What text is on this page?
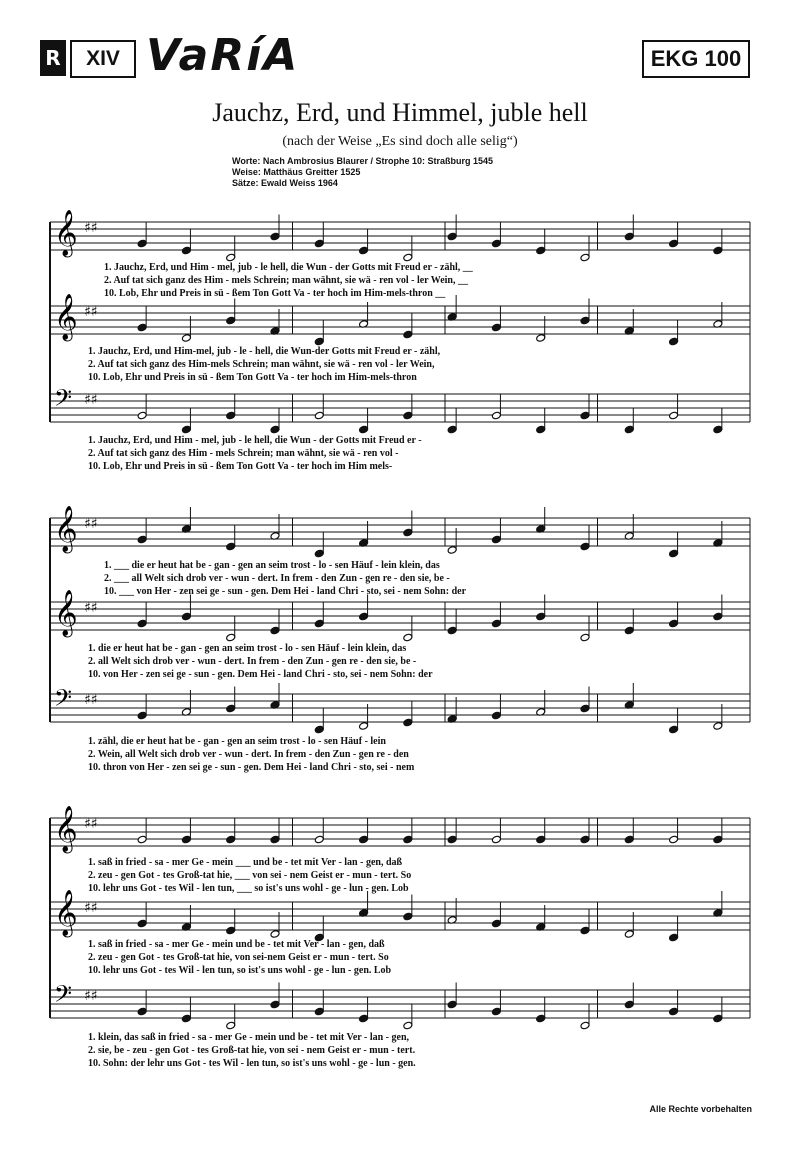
R	XIV VaRíA	EKG 100
Jauchz, Erd, und Himmel, juble hell
(nach der Weise „Es sind doch alle selig“)
Worte: Nach Ambrosius Blaurer / Strophe 10: Straßburg 1545
Weise: Matthäus Greitter 1525
Sätze: Ewald Weiss 1964
𝄞 ♯♯
𝄞 ♯♯
𝄢 ♯♯
𝄞 ♯♯
𝄞 ♯♯
𝄢 ♯♯
𝄞 ♯♯
𝄞 ♯♯
𝄢 ♯♯
1. Jauchz, Erd, und Him - mel, jub - le hell, die Wun - der Gotts mit Freud er - zähl, __
2. Auf tat sich ganz des Him - mels Schrein; man wähnt, sie wä - ren vol - ler Wein, __
10. Lob, Ehr und Preis in sü - ßem Ton Gott Va - ter hoch im Him-mels-thron __
1. Jauchz, Erd, und Him-mel, jub - le - hell, die Wun-der Gotts mit Freud er - zähl,
2. Auf tat sich ganz des Him-mels Schrein; man wähnt, sie wä - ren vol - ler Wein,
10. Lob, Ehr und Preis in sü - ßem Ton Gott Va - ter hoch im Him-mels-thron
1. Jauchz, Erd, und Him - mel, jub - le hell, die Wun - der Gotts mit Freud er -
2. Auf tat sich ganz des Him - mels Schrein; man wähnt, sie wä - ren vol -
10. Lob, Ehr und Preis in sü - ßem Ton Gott Va - ter hoch im Him mels-
1. ___ die er heut hat be - gan - gen an seim trost - lo - sen Häuf - lein klein, das
2. ___ all Welt sich drob ver - wun - dert. In frem - den Zun - gen re - den sie, be -
10. ___ von Her - zen sei ge - sun - gen. Dem Hei - land Chri - sto, sei - nem Sohn: der
1. die er heut hat be - gan - gen an seim trost - lo - sen Häuf - lein klein, das
2. all Welt sich drob ver - wun - dert. In frem - den Zun - gen re - den sie, be -
10. von Her - zen sei ge - sun - gen. Dem Hei - land Chri - sto, sei - nem Sohn: der
1. zähl, die er heut hat be - gan - gen an seim trost - lo - sen Häuf - lein
2. Wein, all Welt sich drob ver - wun - dert. In frem - den Zun - gen re - den
10. thron von Her - zen sei ge - sun - gen. Dem Hei - land Chri - sto, sei - nem
1. saß in fried - sa - mer Ge - mein ___ und be - tet mit Ver - lan - gen, daß
2. zeu - gen Got - tes Groß-tat hie, ___ von sei - nem Geist er - mun - tert. So
10. lehr uns Got - tes Wil - len tun, ___ so ist's uns wohl - ge - lun - gen. Lob
1. saß in fried - sa - mer Ge - mein und be - tet mit Ver - lan - gen, daß
2. zeu - gen Got - tes Groß-tat hie, von sei-nem Geist er - mun - tert. So
10. lehr uns Got - tes Wil - len tun, so ist's uns wohl - ge - lun - gen. Lob
1. klein, das saß in fried - sa - mer Ge - mein und be - tet mit Ver - lan - gen,
2. sie, be - zeu - gen Got - tes Groß-tat hie, von sei - nem Geist er - mun - tert.
10. Sohn: der lehr uns Got - tes Wil - len tun, so ist's uns wohl - ge - lun - gen.
Alle Rechte vorbehalten
